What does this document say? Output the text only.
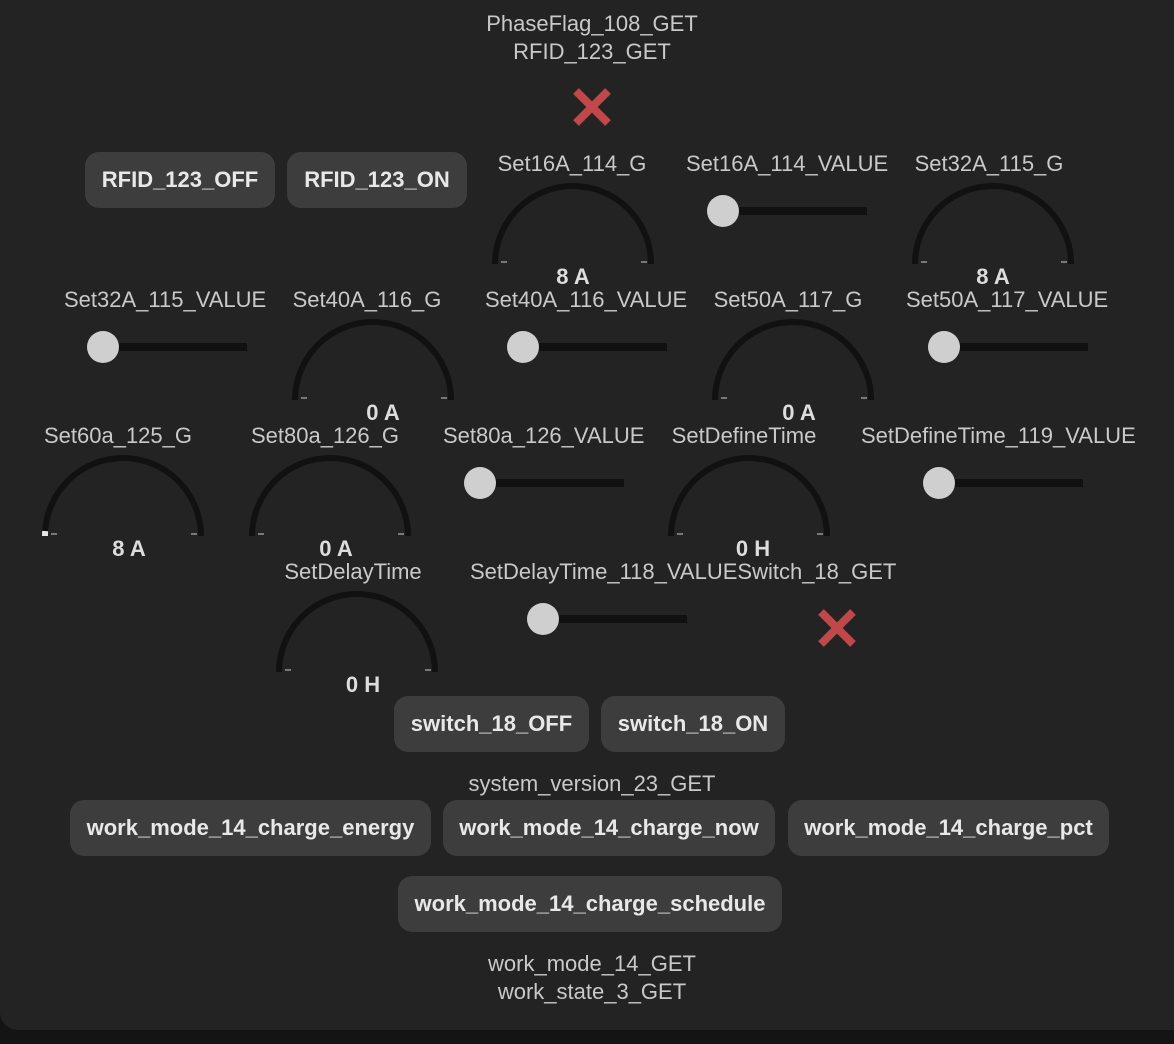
PhaseFlag_108_GET
RFID_123_GET
RFID_123_OFF	RFID_123_ON
Set16A_114_G
8 A
Set16A_114_VALUE	Set32A_115_G
8 A
Set32A_115_VALUE	Set40A_116_G
0 A
Set40A_116_VALUE	Set50A_117_G
0 A
Set50A_117_VALUE
Set60a_125_G
8 A
Set80a_126_G
0 A
Set80a_126_VALUE	SetDefineTime
0 H
SetDefineTime_119_VALUE
SetDelayTime
0 H
SetDelayTime_118_VALUESwitch_18_GET
switch_18_OFF	switch_18_ON
system_version_23_GET
work_mode_14_charge_energy	work_mode_14_charge_now	work_mode_14_charge_pct
work_mode_14_charge_schedule
work_mode_14_GET
work_state_3_GET
